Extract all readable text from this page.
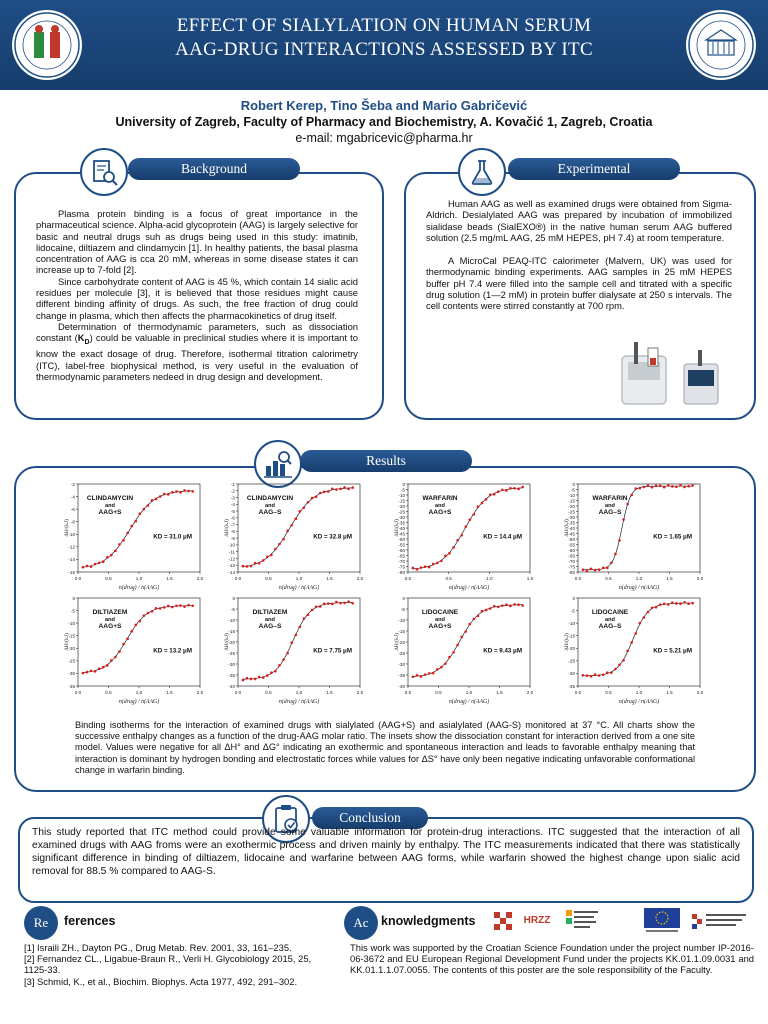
EFFECT OF SIALYLATION ON HUMAN SERUM
AAG-DRUG INTERACTIONS ASSESSED BY ITC
Robert Kerep, Tino Šeba and Mario Gabričević
University of Zagreb, Faculty of Pharmacy and Biochemistry, A. Kovačić 1, Zagreb, Croatia
e-mail: mgabricevic@pharma.hr
Background

Plasma protein binding is a focus of great importance in the pharmaceutical science. Alpha-acid glycoprotein (AAG) is largely selective for basic and neutral drugs suh as drugs being used in this study: imatinib, lidocaine, diltiazem and clindamycin [1]. In healthy patients, the basal plasma concentration of AAG is cca 20 mM, whereas in some disease states it can increase up to 7-fold [2].

Since carbohydrate content of AAG is 45 %, which contain 14 sialic acid residues per molecule [3], it is believed that those residues might cause different binding affinity of drugs. As such, the free fraction of drug could change in plasma, which then affects the pharmacokinetics of drug itself.

Determination of thermodynamic parameters, such as dissociation constant $(K_D)$ could be valuable in preclinical studies where it is important to know the exact dosage of drug. Therefore, isothermal titration calorimetry (ITC), label-free biophysical method, is very useful in the evaluation of thermodynamic parameters nedeed in drug design and development.

Experimental

Human AAG as well as examined drugs were obtained from Sigma-Aldrich. Desialylated AAG was prepared by incubation of immobilized sialidase beads (SialEXO®) in the native human serum AAG buffered solution (2.5 mg/mL AAG, 25 mM HEPES, pH 7.4) at room temperature.

A MicroCal PEAQ-ITC calorimeter (Malvern, UK) was used for thermodynamic binding experiments. AAG samples in 25 mM HEPES buffer pH 7.4 were filled into the sample cell and titrated with a specific drug solution (1—2 mM) in protein buffer dialysate at 250 s intervals. The cell contents were stirred constantly at 700 rpm.

Results
-2
-4
-6
-8
-10
-12
-14
-16
0.0	0.5	1.0	1.5	2.0
ΔH/(kJ)
n(drug) / n(AAG)
CLINDAMYCIN
and
AAG+S
KD = 31.0 μM
-1
-2
-3
-4
-5
-6
-7
-8
-9
-10
-11
-12
-13
-14
0.0	0.5	1.0	1.5	2.0
ΔH/(kJ)
n(drug) / n(AAG)
CLINDAMYCIN
and
AAG–S
KD = 32.8 μM
0
-5
-10
-15
-20
-25
-30
-35
-40
-45
-50
-55
-60
-65
-70
-75
-80
0.0	0.5	1.0	1.5
ΔH/(kJ)
n(drug) / n(AAG)
WARFARIN
and
AAG+S
KD = 14.4 μM
0
-5
-10
-15
-20
-25
-30
-35
-40
-45
-50
-55
-60
-65
-70
-75
-80
0.0	0.5	1.0	1.5	2.0
ΔH/(kJ)
n(drug) / n(AAG)
WARFARIN
and
AAG–S
KD = 1.65 μM
0
-5
-10
-15
-20
-25
-30
-35
0.0	0.5	1.0	1.5	2.0
ΔH/(kJ)
n(drug) / n(AAG)
DILTIAZEM
and
AAG+S
KD = 13.2 μM
0
-5
-10
-15
-20
-25
-30
-35
-40
0.0	0.5	1.0	1.5	2.0
ΔH/(kJ)
n(drug) / n(AAG)
DILTIAZEM
and
AAG–S
KD = 7.75 μM
0
-5
-10
-15
-20
-25
-30
-35
-40
0.0	0.5	1.0	1.5	2.0
ΔH/(kJ)
n(drug) / n(AAG)
LIDOCAINE
and
AAG+S
KD = 9.43 μM
0
-5
-10
-15
-20
-25
-30
-35
0.0	0.5	1.0	1.5	2.0
ΔH/(kJ)
n(drug) / n(AAG)
LIDOCAINE
and
AAG–S
KD = 5.21 μM
Binding isotherms for the interaction of examined drugs with sialylated (AAG+S) and asialylated (AAG-S) monitored at 37 °C. All charts show the successive enthalpy changes as a function of the drug-AAG molar ratio. The insets show the dissociation constant for interaction derived from a one site model. Values were negative for all ΔH° and ΔG° indicating an exothermic and spontaneous interaction and leads to favorable enthalpy meaning that interaction is dominant by hydrogen bonding and electrostatic forces while values for ΔS° have only been negative indicating unfavorable conformational change in warfarin binding.
Conclusion
This study reported that ITC method could provide some valuable information for protein-drug interactions. ITC suggested that the interaction of all examined drugs with AAG froms were an exothermic process and driven mainly by enthalpy. The ITC measurements indicated that there was statistically significant difference in binding of diltiazem, lidocaine and warfarine between AAG forms, while warfarin showed the highest change upon sialic acid removal for 88.5 % compared to AAG-S.
Re	ferences
[1] Israili ZH., Dayton PG., Drug Metab. Rev. 2001, 33, 161–235.
[2] Fernandez CL., Ligabue-Braun R., Verli H. Glycobiology 2015, 25, 1125-33.
[3] Schmid, K., et al., Biochim. Biophys. Acta 1977, 492, 291–302.
Ac knowledgments	HRZZ
This work was supported by the Croatian Science Foundation under the project number IP-2016-06-3672 and EU European Regional Development Fund under the projects KK.01.1.09.0031 and KK.01.1.1.07.0055. The contents of this poster are the sole responsibility of the Faculty.
